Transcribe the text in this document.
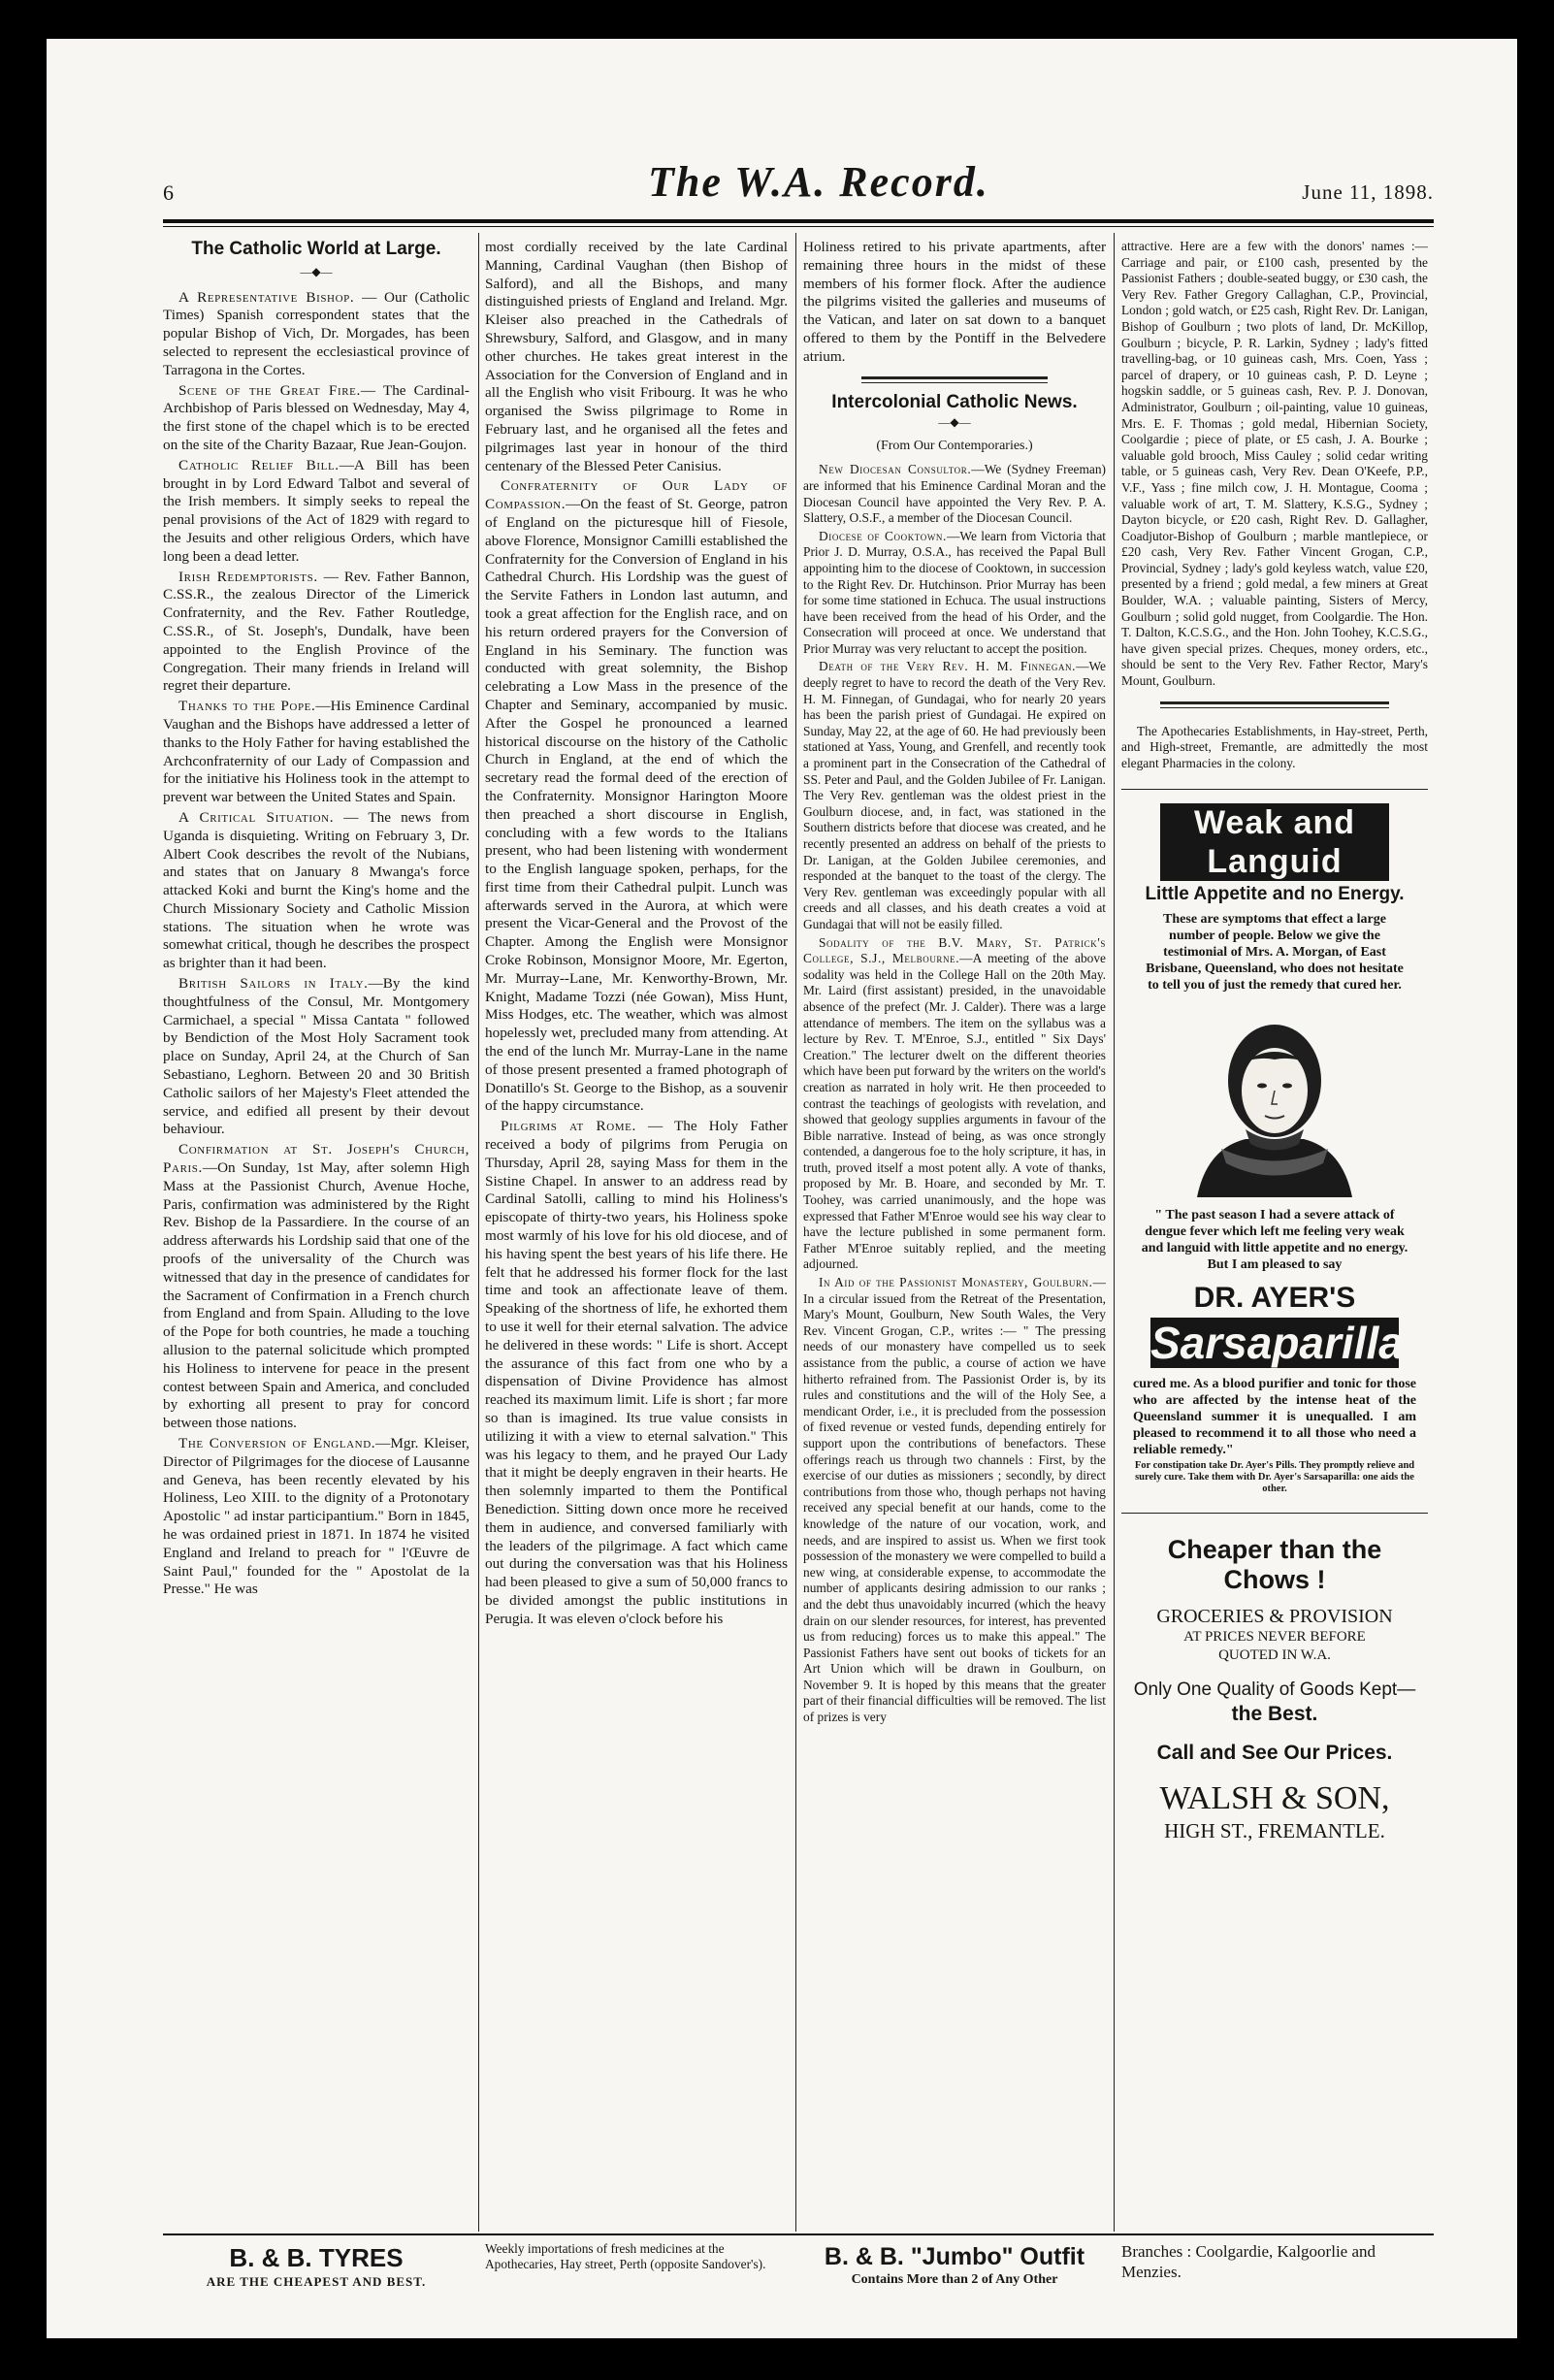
6	The W.A. Record.	June 11, 1898.
The Catholic World at Large.
—◆—

A Representative Bishop. — Our (Catholic Times) Spanish correspondent states that the popular Bishop of Vich, Dr. Morgades, has been selected to represent the ecclesiastical province of Tarragona in the Cortes.

Scene of the Great Fire.— The Cardinal-Archbishop of Paris blessed on Wednesday, May 4, the first stone of the chapel which is to be erected on the site of the Charity Bazaar, Rue Jean-Goujon.

Catholic Relief Bill.—A Bill has been brought in by Lord Edward Talbot and several of the Irish members. It simply seeks to repeal the penal provisions of the Act of 1829 with regard to the Jesuits and other religious Orders, which have long been a dead letter.

Irish Redemptorists. — Rev. Father Bannon, C.SS.R., the zealous Director of the Limerick Confraternity, and the Rev. Father Routledge, C.SS.R., of St. Joseph's, Dundalk, have been appointed to the English Province of the Congregation. Their many friends in Ireland will regret their departure.

Thanks to the Pope.—His Eminence Cardinal Vaughan and the Bishops have addressed a letter of thanks to the Holy Father for having established the Archconfraternity of our Lady of Compassion and for the initiative his Holiness took in the attempt to prevent war between the United States and Spain.

A Critical Situation. — The news from Uganda is disquieting. Writing on February 3, Dr. Albert Cook describes the revolt of the Nubians, and states that on January 8 Mwanga's force attacked Koki and burnt the King's home and the Church Missionary Society and Catholic Mission stations. The situation when he wrote was somewhat critical, though he describes the prospect as brighter than it had been.

British Sailors in Italy.—By the kind thoughtfulness of the Consul, Mr. Montgomery Carmichael, a special " Missa Cantata " followed by Bendiction of the Most Holy Sacrament took place on Sunday, April 24, at the Church of San Sebastiano, Leghorn. Between 20 and 30 British Catholic sailors of her Majesty's Fleet attended the service, and edified all present by their devout behaviour.

Confirmation at St. Joseph's Church, Paris.—On Sunday, 1st May, after solemn High Mass at the Passionist Church, Avenue Hoche, Paris, confirmation was administered by the Right Rev. Bishop de la Passardiere. In the course of an address afterwards his Lordship said that one of the proofs of the universality of the Church was witnessed that day in the presence of candidates for the Sacrament of Confirmation in a French church from England and from Spain. Alluding to the love of the Pope for both countries, he made a touching allusion to the paternal solicitude which prompted his Holiness to intervene for peace in the present contest between Spain and America, and concluded by exhorting all present to pray for concord between those nations.

The Conversion of England.—Mgr. Kleiser, Director of Pilgrimages for the diocese of Lausanne and Geneva, has been recently elevated by his Holiness, Leo XIII. to the dignity of a Protonotary Apostolic " ad instar participantium." Born in 1845, he was ordained priest in 1871. In 1874 he visited England and Ireland to preach for " l'Œuvre de Saint Paul," founded for the " Apostolat de la Presse." He was

most cordially received by the late Cardinal Manning, Cardinal Vaughan (then Bishop of Salford), and all the Bishops, and many distinguished priests of England and Ireland. Mgr. Kleiser also preached in the Cathedrals of Shrewsbury, Salford, and Glasgow, and in many other churches. He takes great interest in the Association for the Conversion of England and in all the English who visit Fribourg. It was he who organised the Swiss pilgrimage to Rome in February last, and he organised all the fetes and pilgrimages last year in honour of the third centenary of the Blessed Peter Canisius.

Confraternity of Our Lady of Compassion.—On the feast of St. George, patron of England on the picturesque hill of Fiesole, above Florence, Monsignor Camilli established the Confraternity for the Conversion of England in his Cathedral Church. His Lordship was the guest of the Servite Fathers in London last autumn, and took a great affection for the English race, and on his return ordered prayers for the Conversion of England in his Seminary. The function was conducted with great solemnity, the Bishop celebrating a Low Mass in the presence of the Chapter and Seminary, accompanied by music. After the Gospel he pronounced a learned historical discourse on the history of the Catholic Church in England, at the end of which the secretary read the formal deed of the erection of the Confraternity. Monsignor Harington Moore then preached a short discourse in English, concluding with a few words to the Italians present, who had been listening with wonderment to the English language spoken, perhaps, for the first time from their Cathedral pulpit. Lunch was afterwards served in the Aurora, at which were present the Vicar-General and the Provost of the Chapter. Among the English were Monsignor Croke Robinson, Monsignor Moore, Mr. Egerton, Mr. Murray--Lane, Mr. Kenworthy-Brown, Mr. Knight, Madame Tozzi (née Gowan), Miss Hunt, Miss Hodges, etc. The weather, which was almost hopelessly wet, precluded many from attending. At the end of the lunch Mr. Murray-Lane in the name of those present presented a framed photograph of Donatillo's St. George to the Bishop, as a souvenir of the happy circumstance.

Pilgrims at Rome. — The Holy Father received a body of pilgrims from Perugia on Thursday, April 28, saying Mass for them in the Sistine Chapel. In answer to an address read by Cardinal Satolli, calling to mind his Holiness's episcopate of thirty-two years, his Holiness spoke most warmly of his love for his old diocese, and of his having spent the best years of his life there. He felt that he addressed his former flock for the last time and took an affectionate leave of them. Speaking of the shortness of life, he exhorted them to use it well for their eternal salvation. The advice he delivered in these words: " Life is short. Accept the assurance of this fact from one who by a dispensation of Divine Providence has almost reached its maximum limit. Life is short ; far more so than is imagined. Its true value consists in utilizing it with a view to eternal salvation." This was his legacy to them, and he prayed Our Lady that it might be deeply engraven in their hearts. He then solemnly imparted to them the Pontifical Benediction. Sitting down once more he received them in audience, and conversed familiarly with the leaders of the pilgrimage. A fact which came out during the conversation was that his Holiness had been pleased to give a sum of 50,000 francs to be divided amongst the public institutions in Perugia. It was eleven o'clock before his

Holiness retired to his private apartments, after remaining three hours in the midst of these members of his former flock. After the audience the pilgrims visited the galleries and museums of the Vatican, and later on sat down to a banquet offered to them by the Pontiff in the Belvedere atrium.

Intercolonial Catholic News.
—◆—
(From Our Contemporaries.)

New Diocesan Consultor.—We (Sydney Freeman) are informed that his Eminence Cardinal Moran and the Diocesan Council have appointed the Very Rev. P. A. Slattery, O.S.F., a member of the Diocesan Council.

Diocese of Cooktown.—We learn from Victoria that Prior J. D. Murray, O.S.A., has received the Papal Bull appointing him to the diocese of Cooktown, in succession to the Right Rev. Dr. Hutchinson. Prior Murray has been for some time stationed in Echuca. The usual instructions have been received from the head of his Order, and the Consecration will proceed at once. We understand that Prior Murray was very reluctant to accept the position.

Death of the Very Rev. H. M. Finnegan.—We deeply regret to have to record the death of the Very Rev. H. M. Finnegan, of Gundagai, who for nearly 20 years has been the parish priest of Gundagai. He expired on Sunday, May 22, at the age of 60. He had previously been stationed at Yass, Young, and Grenfell, and recently took a prominent part in the Consecration of the Cathedral of SS. Peter and Paul, and the Golden Jubilee of Fr. Lanigan. The Very Rev. gentleman was the oldest priest in the Goulburn diocese, and, in fact, was stationed in the Southern districts before that diocese was created, and he recently presented an address on behalf of the priests to Dr. Lanigan, at the Golden Jubilee ceremonies, and responded at the banquet to the toast of the clergy. The Very Rev. gentleman was exceedingly popular with all creeds and all classes, and his death creates a void at Gundagai that will not be easily filled.

Sodality of the B.V. Mary, St. Patrick's College, S.J., Melbourne.—A meeting of the above sodality was held in the College Hall on the 20th May. Mr. Laird (first assistant) presided, in the unavoidable absence of the prefect (Mr. J. Calder). There was a large attendance of members. The item on the syllabus was a lecture by Rev. T. M'Enroe, S.J., entitled " Six Days' Creation." The lecturer dwelt on the different theories which have been put forward by the writers on the world's creation as narrated in holy writ. He then proceeded to contrast the teachings of geologists with revelation, and showed that geology supplies arguments in favour of the Bible narrative. Instead of being, as was once strongly contended, a dangerous foe to the holy scripture, it has, in truth, proved itself a most potent ally. A vote of thanks, proposed by Mr. B. Hoare, and seconded by Mr. T. Toohey, was carried unanimously, and the hope was expressed that Father M'Enroe would see his way clear to have the lecture published in some permanent form. Father M'Enroe suitably replied, and the meeting adjourned.

In Aid of the Passionist Monastery, Goulburn.—In a circular issued from the Retreat of the Presentation, Mary's Mount, Goulburn, New South Wales, the Very Rev. Vincent Grogan, C.P., writes :— " The pressing needs of our monastery have compelled us to seek assistance from the public, a course of action we have hitherto refrained from. The Passionist Order is, by its rules and constitutions and the will of the Holy See, a mendicant Order, i.e., it is precluded from the possession of fixed revenue or vested funds, depending entirely for support upon the contributions of benefactors. These offerings reach us through two channels : First, by the exercise of our duties as missioners ; secondly, by direct contributions from those who, though perhaps not having received any special benefit at our hands, come to the knowledge of the nature of our vocation, work, and needs, and are inspired to assist us. When we first took possession of the monastery we were compelled to build a new wing, at considerable expense, to accommodate the number of applicants desiring admission to our ranks ; and the debt thus unavoidably incurred (which the heavy drain on our slender resources, for interest, has prevented us from reducing) forces us to make this appeal." The Passionist Fathers have sent out books of tickets for an Art Union which will be drawn in Goulburn, on November 9. It is hoped by this means that the greater part of their financial difficulties will be removed. The list of prizes is very

attractive. Here are a few with the donors' names :—Carriage and pair, or £100 cash, presented by the Passionist Fathers ; double-seated buggy, or £30 cash, the Very Rev. Father Gregory Callaghan, C.P., Provincial, London ; gold watch, or £25 cash, Right Rev. Dr. Lanigan, Bishop of Goulburn ; two plots of land, Dr. McKillop, Goulburn ; bicycle, P. R. Larkin, Sydney ; lady's fitted travelling-bag, or 10 guineas cash, Mrs. Coen, Yass ; parcel of drapery, or 10 guineas cash, P. D. Leyne ; hogskin saddle, or 5 guineas cash, Rev. P. J. Donovan, Administrator, Goulburn ; oil-painting, value 10 guineas, Mrs. E. F. Thomas ; gold medal, Hibernian Society, Coolgardie ; piece of plate, or £5 cash, J. A. Bourke ; valuable gold brooch, Miss Cauley ; solid cedar writing table, or 5 guineas cash, Very Rev. Dean O'Keefe, P.P., V.F., Yass ; fine milch cow, J. H. Montague, Cooma ; valuable work of art, T. M. Slattery, K.S.G., Sydney ; Dayton bicycle, or £20 cash, Right Rev. D. Gallagher, Coadjutor-Bishop of Goulburn ; marble mantlepiece, or £20 cash, Very Rev. Father Vincent Grogan, C.P., Provincial, Sydney ; lady's gold keyless watch, value £20, presented by a friend ; gold medal, a few miners at Great Boulder, W.A. ; valuable painting, Sisters of Mercy, Goulburn ; solid gold nugget, from Coolgardie. The Hon. T. Dalton, K.C.S.G., and the Hon. John Toohey, K.C.S.G., have given special prizes. Cheques, money orders, etc., should be sent to the Very Rev. Father Rector, Mary's Mount, Goulburn.

The Apothecaries Establishments, in Hay-street, Perth, and High-street, Fremantle, are admittedly the most elegant Pharmacies in the colony.

Weak and Languid
Little Appetite and no Energy.

These are symptoms that effect a large number of people. Below we give the testimonial of Mrs. A. Morgan, of East Brisbane, Queensland, who does not hesitate to tell you of just the remedy that cured her.

" The past season I had a severe attack of dengue fever which left me feeling very weak and languid with little appetite and no energy. But I am pleased to say

DR. AYER'S
Sarsaparilla

cured me. As a blood purifier and tonic for those who are affected by the intense heat of the Queensland summer it is unequalled. I am pleased to recommend it to all those who need a reliable remedy."

For constipation take Dr. Ayer's Pills. They promptly relieve and surely cure. Take them with Dr. Ayer's Sarsaparilla: one aids the other.

Cheaper than the
Chows !
GROCERIES & PROVISION
AT PRICES NEVER BEFORE
QUOTED IN W.A.
Only One Quality of Goods Kept—
the Best.
Call and See Our Prices.
WALSH & SON,
HIGH ST., FREMANTLE.
B. & B. TYRES
ARE THE CHEAPEST AND BEST.
Weekly importations of fresh medicines at the Apothecaries, Hay street, Perth (opposite Sandover's).	B. & B. "Jumbo" Outfit
Contains More than 2 of Any Other
Branches : Coolgardie, Kalgoorlie and Menzies.
